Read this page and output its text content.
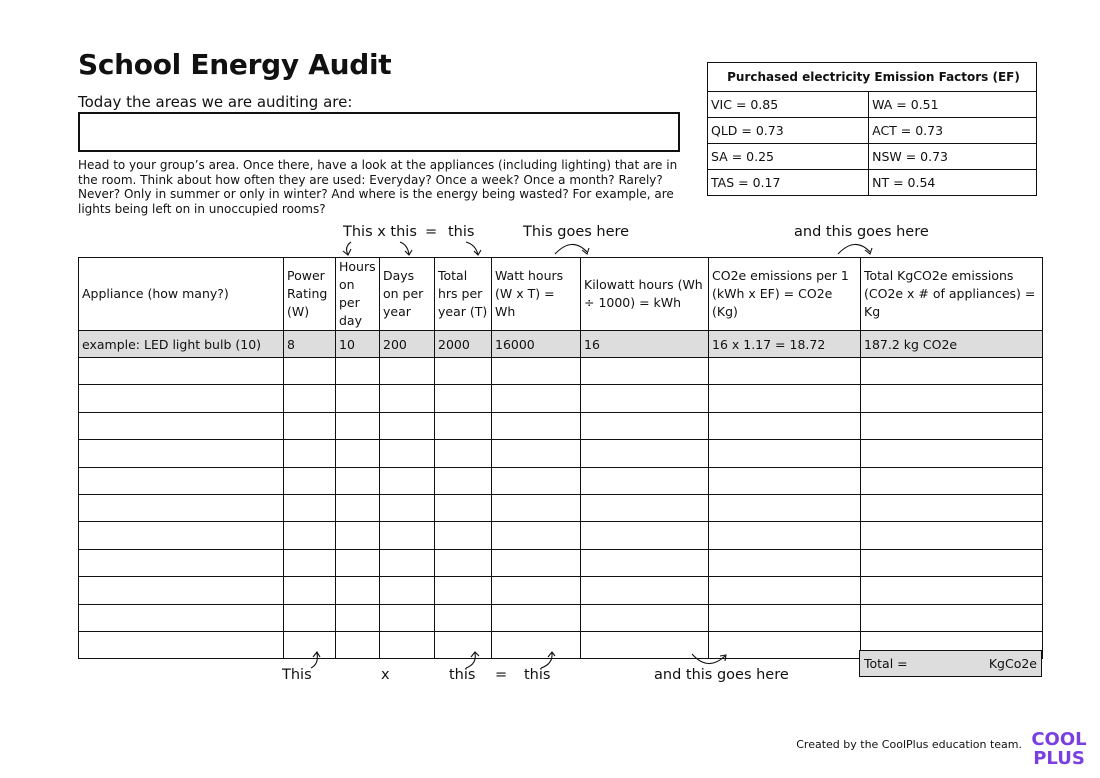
School Energy Audit
Today the areas we are auditing are:
Head to your group’s area. Once there, have a look at the appliances (including lighting) that are in the room. Think about how often they are used: Everyday? Once a week? Once a month? Rarely? Never? Only in summer or only in winter? And where is the energy being wasted? For example, are lights being left on in unoccupied rooms?
Purchased electricity Emission Factors (EF)	
VIC = 0.85	WA = 0.51
QLD = 0.73	ACT = 0.73
SA = 0.25	NSW = 0.73
TAS = 0.17	NT = 0.54
This x this = this	This goes here	and this goes here
Appliance (how many?)	Power Rating (W)	Hours on per day	Days on per year	Total hrs per year (T)	Watt hours (W x T) = Wh	Kilowatt hours (Wh ÷ 1000) = kWh	CO2e emissions per 1 (kWh x EF) = CO2e (Kg)	Total KgCO2e emissions (CO2e x # of appliances) = Kg
example: LED light bulb (10)	8	10	200	2000	16000	16	16 x 1.17 = 18.72	187.2 kg CO2e

Total =	KgCo2e
This	x	this = this	and this goes here
Created by the CoolPlus education team. COOL
PLUS
